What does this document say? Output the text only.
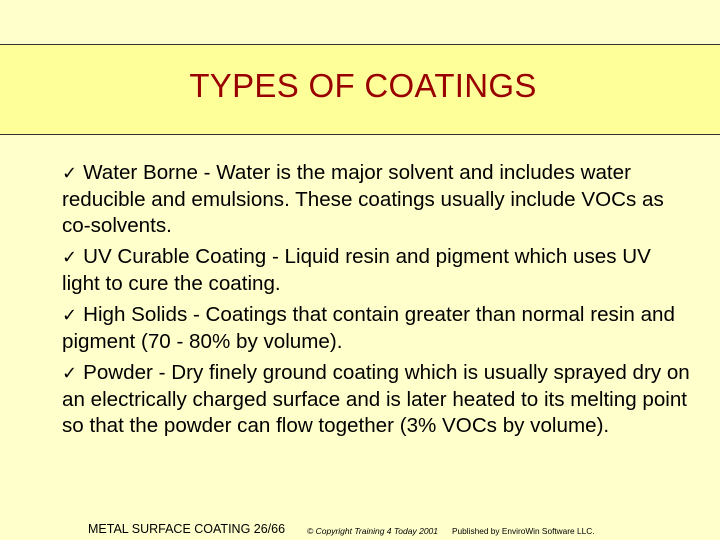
TYPES OF COATINGS
✓ Water Borne - Water is the major solvent and includes water reducible and emulsions. These coatings usually include VOCs as co-solvents.
✓ UV Curable Coating - Liquid resin and pigment which uses UV light to cure the coating.
✓ High Solids - Coatings that contain greater than normal resin and pigment (70 - 80% by volume).
✓ Powder - Dry finely ground coating which is usually sprayed dry on an electrically charged surface and is later heated to its melting point so that the powder can flow together (3% VOCs by volume).
METAL SURFACE COATING 26/66	© Copyright Training 4 Today 2001 Published by EnviroWin Software LLC.
